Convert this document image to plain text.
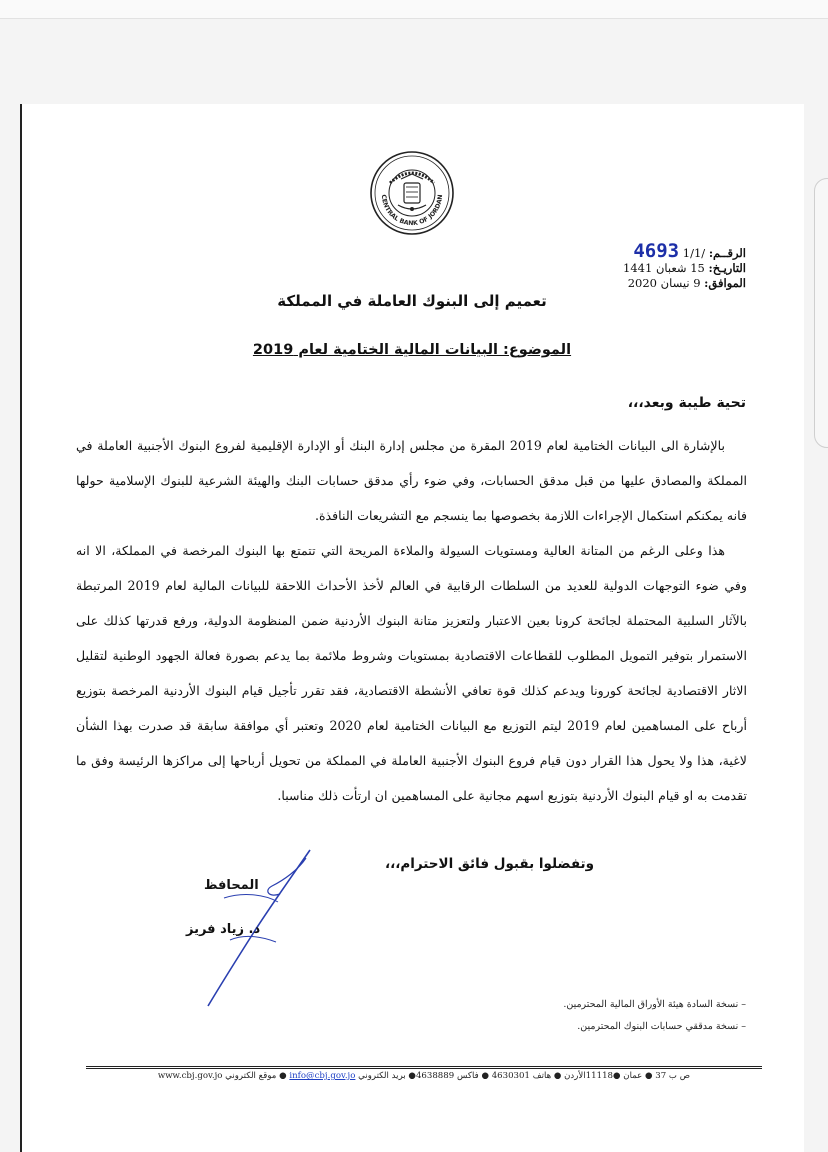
CENTRAL BANK OF JORDAN
الرقــم: /1/1 4693
التاريـخ: 15 شعبان 1441
الموافق: 9 نيسان 2020
تعميم إلى البنوك العاملة في المملكة
الموضوع: البيانات المالية الختامية لعام 2019
تحية طيبة وبعد،،،

بالإشارة الى البيانات الختامية لعام 2019 المقرة من مجلس إدارة البنك أو الإدارة الإقليمية لفروع البنوك الأجنبية العاملة في المملكة والمصادق عليها من قبل مدقق الحسابات، وفي ضوء رأي مدقق حسابات البنك والهيئة الشرعية للبنوك الإسلامية حولها فانه يمكنكم استكمال الإجراءات اللازمة بخصوصها بما ينسجم مع التشريعات النافذة.

هذا وعلى الرغم من المتانة العالية ومستويات السيولة والملاءة المريحة التي تتمتع بها البنوك المرخصة في المملكة، الا انه وفي ضوء التوجهات الدولية للعديد من السلطات الرقابية في العالم لأخذ الأحداث اللاحقة للبيانات المالية لعام 2019 المرتبطة بالآثار السلبية المحتملة لجائحة كرونا بعين الاعتبار ولتعزيز متانة البنوك الأردنية ضمن المنظومة الدولية، ورفع قدرتها كذلك على الاستمرار بتوفير التمويل المطلوب للقطاعات الاقتصادية بمستويات وشروط ملائمة بما يدعم بصورة فعالة الجهود الوطنية لتقليل الاثار الاقتصادية لجائحة كورونا ويدعم كذلك قوة تعافي الأنشطة الاقتصادية، فقد تقرر تأجيل قيام البنوك الأردنية المرخصة بتوزيع أرباح على المساهمين لعام 2019 ليتم التوزيع مع البيانات الختامية لعام 2020 وتعتبر أي موافقة سابقة قد صدرت بهذا الشأن لاغية، هذا ولا يحول هذا القرار دون قيام فروع البنوك الأجنبية العاملة في المملكة من تحويل أرباحها إلى مراكزها الرئيسة وفق ما تقدمت به او قيام البنوك الأردنية بتوزيع اسهم مجانية على المساهمين ان ارتأت ذلك مناسبا.

وتفضلوا بقبول فائق الاحترام،،،
المحافظ
د. زياد فريز
– نسخة السادة هيئة الأوراق المالية المحترمين.
– نسخة مدققي حسابات البنوك المحترمين.
ص ب 37 ● عمان ●11118الأردن ● هاتف 4630301 ● فاكس 4638889● بريد الكتروني info@cbj.gov.jo ● موقع الكتروني www.cbj.gov.jo
